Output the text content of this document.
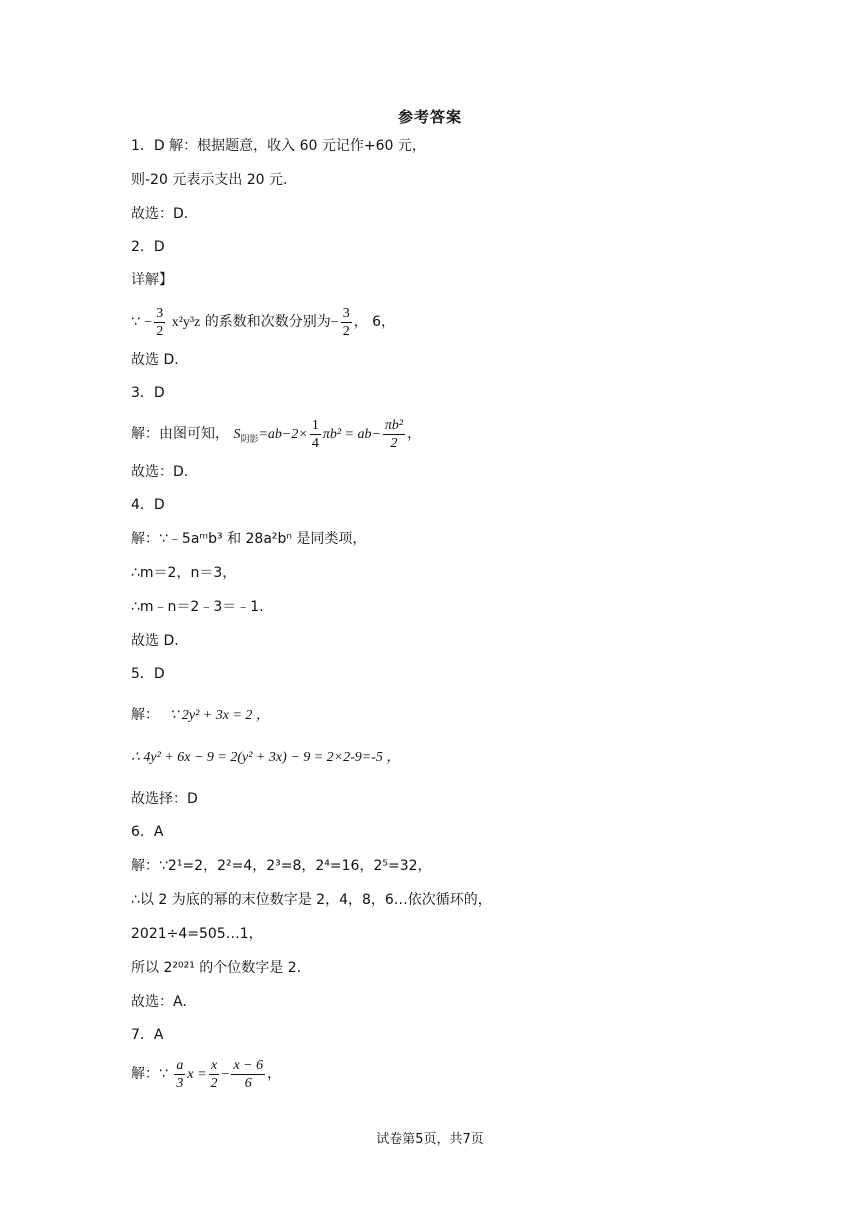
参考答案
1．D 解：根据题意，收入 60 元记作+60 元，
则-20 元表示支出 20 元.
故选：D.
2．D
详解】
∵ − $\frac{3}{2} x^2y^3z$ 的系数和次数分别为− $\frac{3}{2}$ ， 6，
故选 D.
3．D
解：由图可知， $S_{阴影}=ab-2\times \frac{1}{4} \pi b^2 = ab- \frac{\text{πb²}}{2}$ ，
故选：D.
4．D
解：∵﹣5aᵐb³ 和 28a²bⁿ 是同类项，
∴m＝2，n＝3，
∴m﹣n＝2﹣3＝﹣1.
故选 D.
5．D
解： ∵ 2y² + 3x = 2 ，
∴ 4y² + 6x − 9 = 2(y² + 3x) − 9 = 2×2-9=-5 ，
故选择：D
6．A
解：∵2¹=2，2²=4，2³=8，2⁴=16，2⁵=32，
∴以 2 为底的幂的末位数字是 2，4，8，6…依次循环的，
2021÷4=505…1，
所以 2²⁰²¹ 的个位数字是 2.
故选：A.
7．A
解：∵ $\frac{a}{3}$ $x = \frac{x}{2} - \frac{x - 6}{6}$ ，
试卷第5页，共7页
